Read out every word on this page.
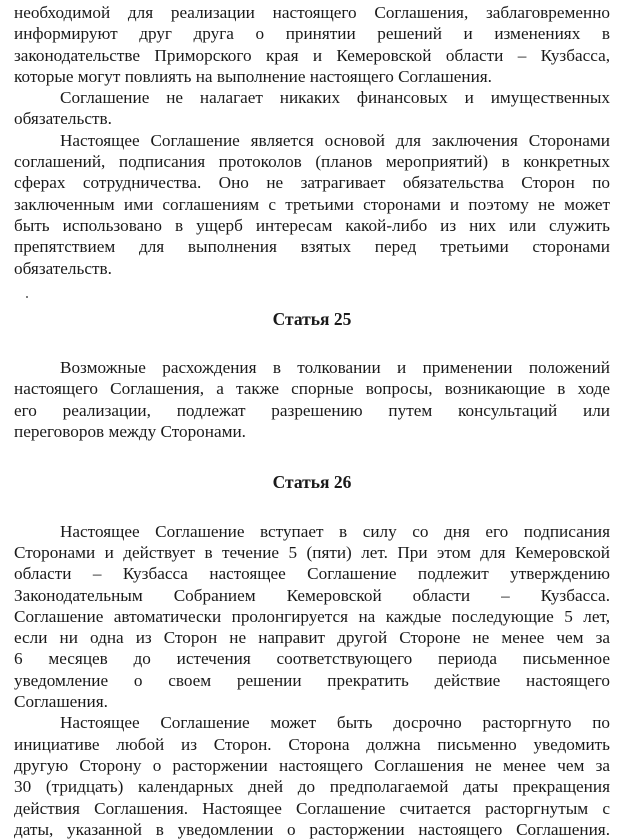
необходимой для реализации настоящего Соглашения, заблаговременно
информируют друг друга о принятии решений и изменениях в
законодательстве Приморского края и Кемеровской области – Кузбасса,
которые могут повлиять на выполнение настоящего Соглашения.
Соглашение не налагает никаких финансовых и имущественных
обязательств.
Настоящее Соглашение является основой для заключения Сторонами
соглашений, подписания протоколов (планов мероприятий) в конкретных
сферах сотрудничества. Оно не затрагивает обязательства Сторон по
заключенным ими соглашениям с третьими сторонами и поэтому не может
быть использовано в ущерб интересам какой-либо из них или служить
препятствием для выполнения взятых перед третьими сторонами
обязательств.
Статья 25
Возможные расхождения в толковании и применении положений
настоящего Соглашения, а также спорные вопросы, возникающие в ходе
его реализации, подлежат разрешению путем консультаций или
переговоров между Сторонами.
Статья 26
Настоящее Соглашение вступает в силу со дня его подписания
Сторонами и действует в течение 5 (пяти) лет. При этом для Кемеровской
области – Кузбасса настоящее Соглашение подлежит утверждению
Законодательным Собранием Кемеровской области – Кузбасса.
Соглашение автоматически пролонгируется на каждые последующие 5 лет,
если ни одна из Сторон не направит другой Стороне не менее чем за
6 месяцев до истечения соответствующего периода письменное
уведомление о своем решении прекратить действие настоящего
Соглашения.
Настоящее Соглашение может быть досрочно расторгнуто по
инициативе любой из Сторон. Сторона должна письменно уведомить
другую Сторону о расторжении настоящего Соглашения не менее чем за
30 (тридцать) календарных дней до предполагаемой даты прекращения
действия Соглашения. Настоящее Соглашение считается расторгнутым с
даты, указанной в уведомлении о расторжении настоящего Соглашения.
